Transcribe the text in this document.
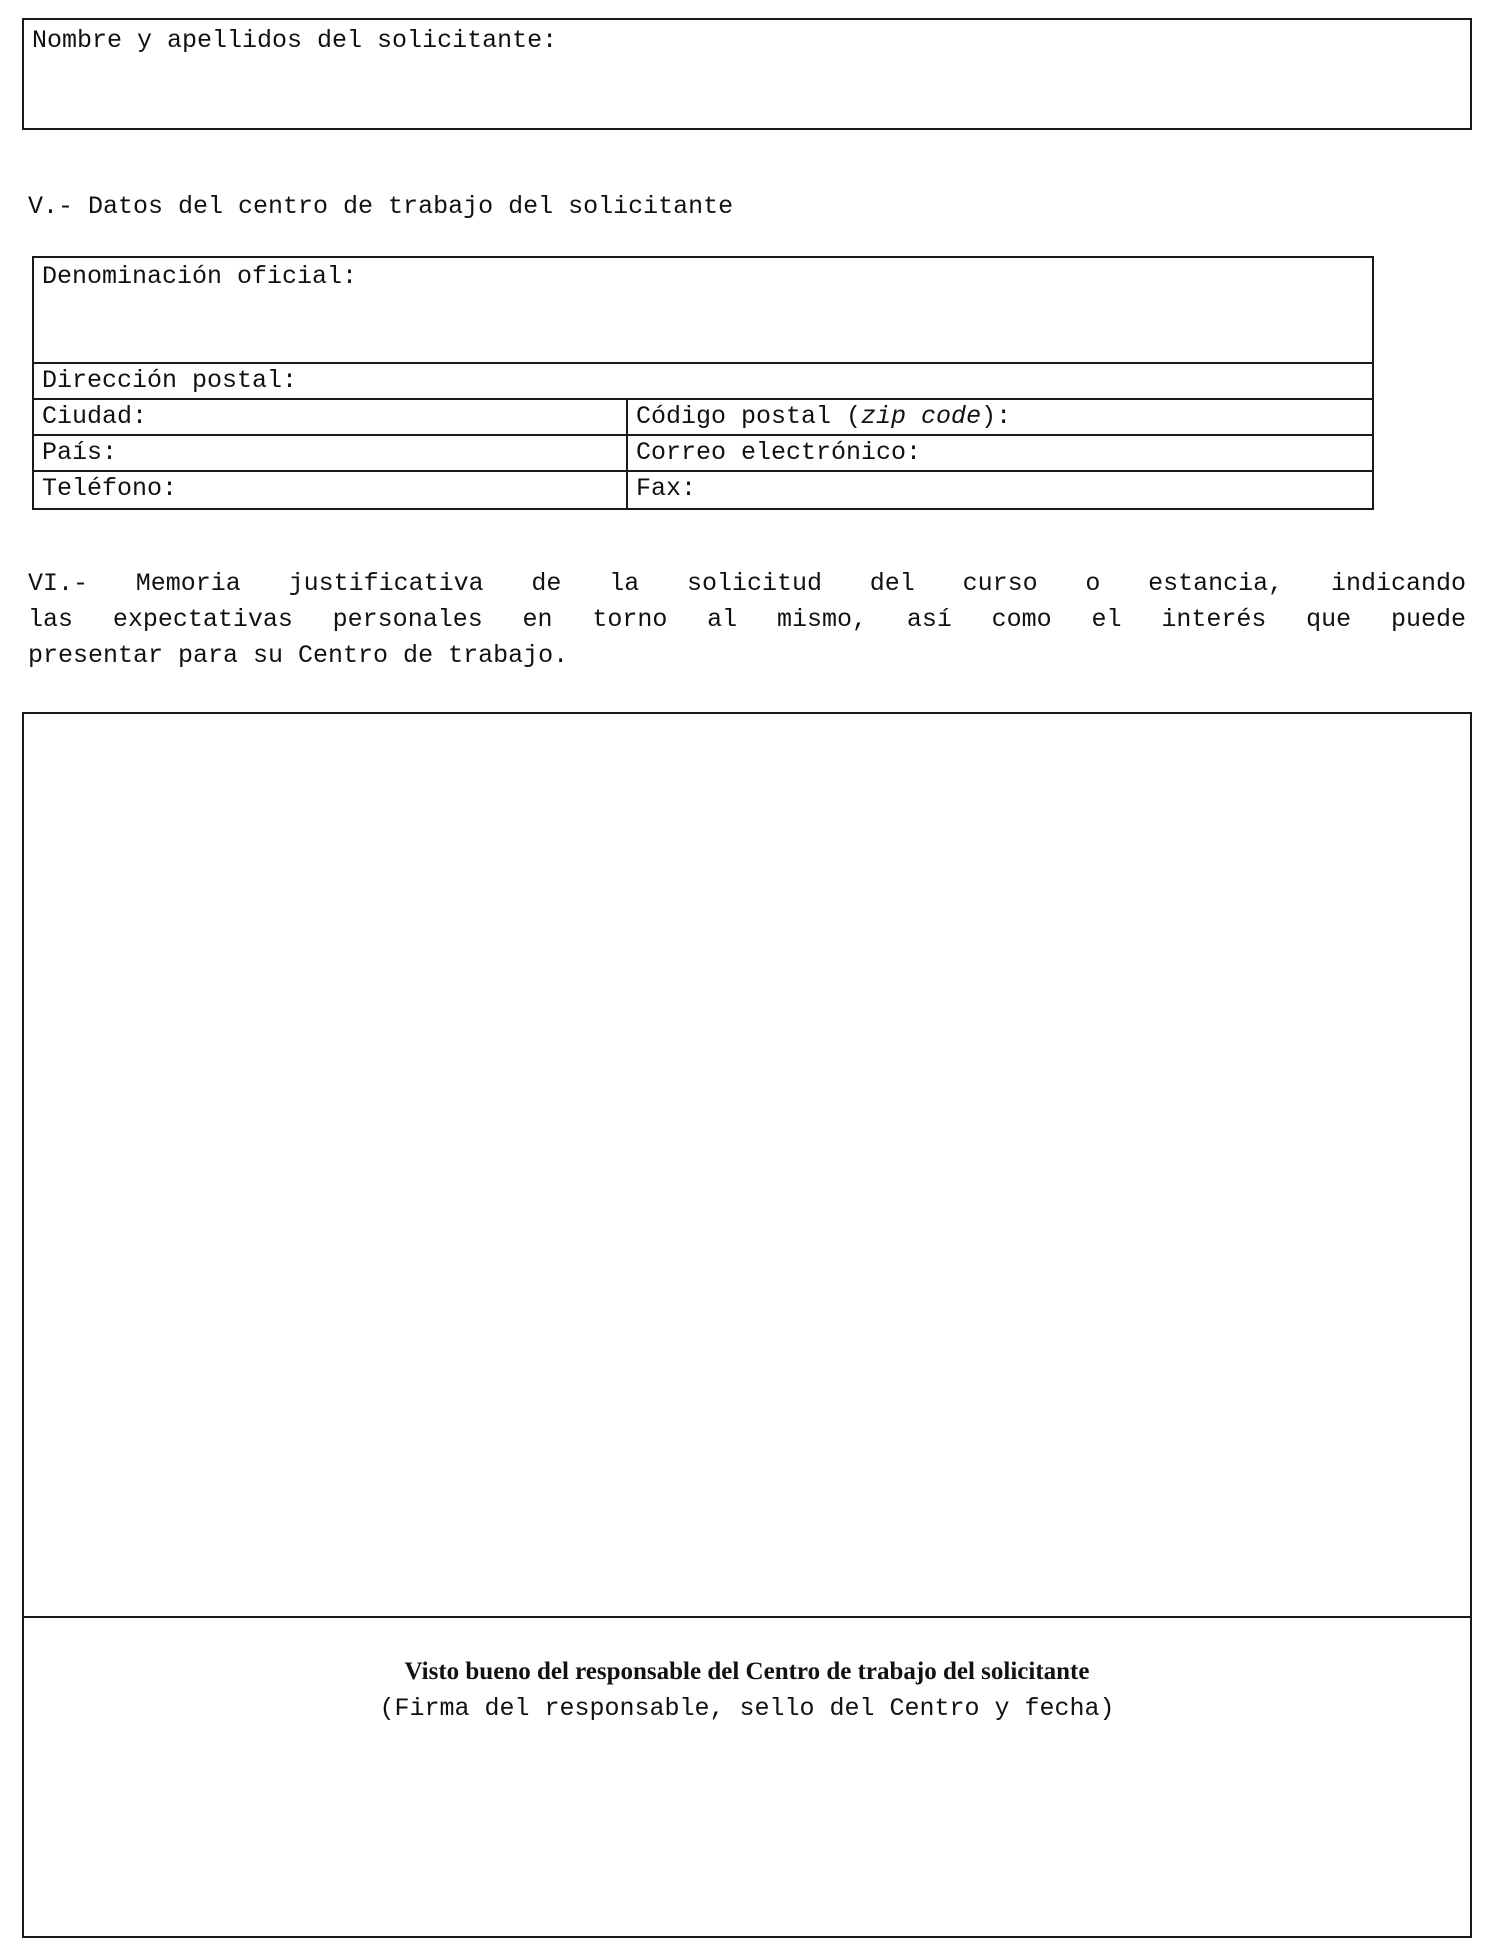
Nombre y apellidos del solicitante:
V.- Datos del centro de trabajo del solicitante
Denominación oficial:
Dirección postal:
Ciudad:	Código postal (zip code):
País:	Correo electrónico:
Teléfono:	Fax:
VI.- Memoria justificativa de la solicitud del curso o estancia, indicando
las expectativas personales en torno al mismo, así como el interés que puede
presentar para su Centro de trabajo.
Visto bueno del responsable del Centro de trabajo del solicitante
(Firma del responsable, sello del Centro y fecha)
